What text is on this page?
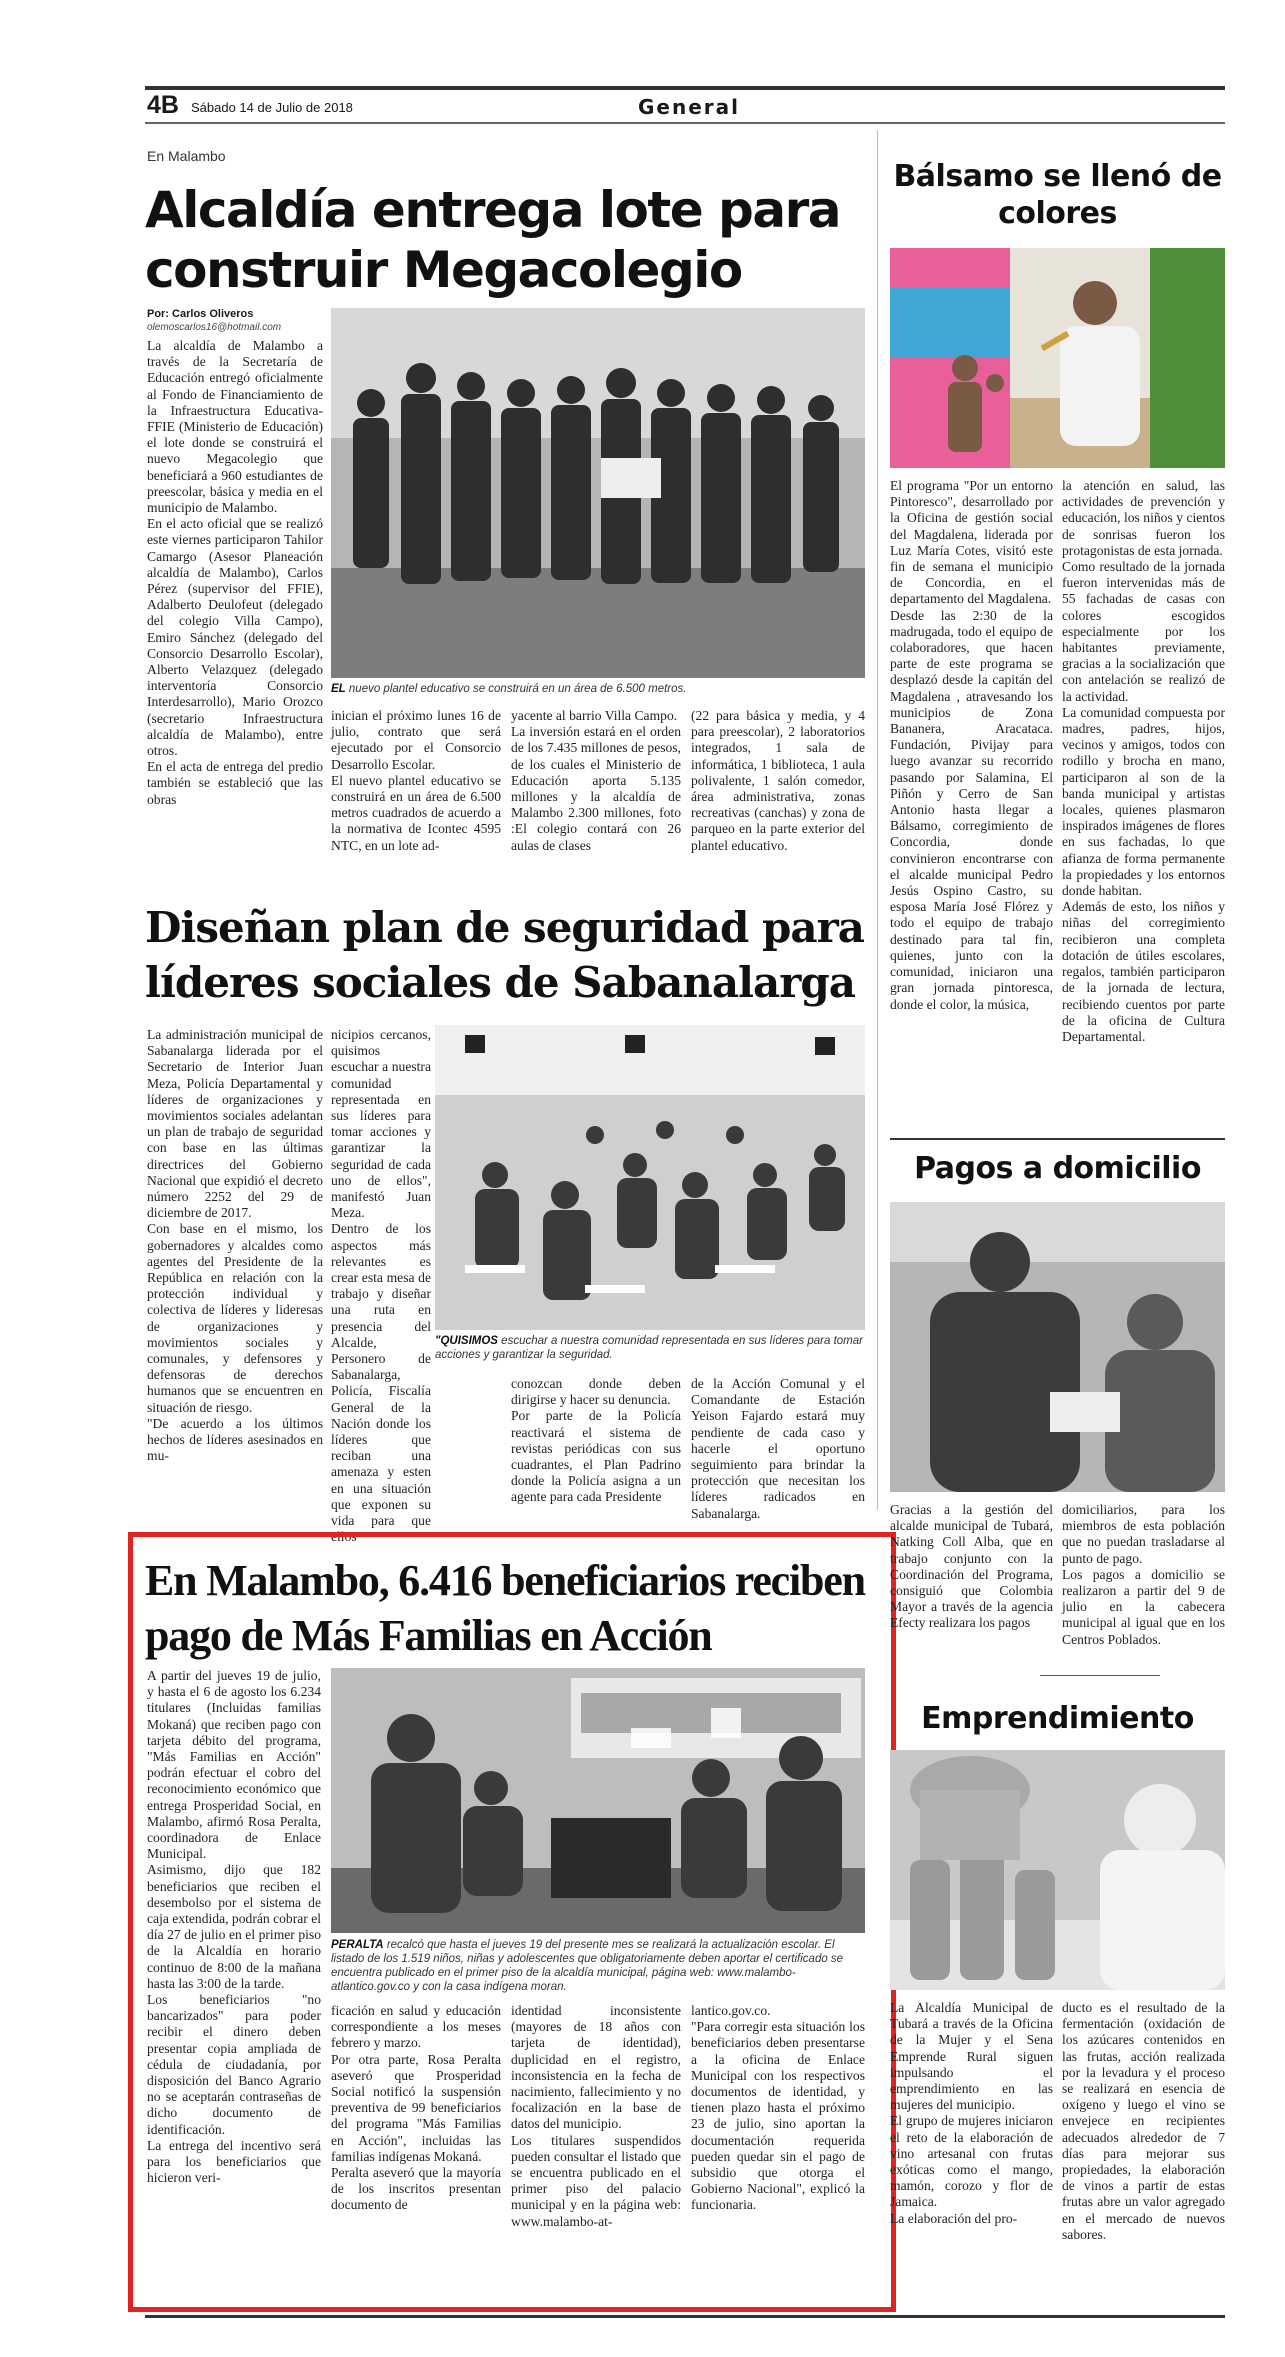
4B Sábado 14 de Julio de 2018	General
En Malambo
Alcaldía entrega lote para construir Megacolegio
Por: Carlos Oliveros
olemoscarlos16@hotmail.com
La alcaldía de Malambo a través de la Secretaría de Educación entregó oficialmente al Fondo de Financiamiento de la Infraestructura Educativa- FFIE (Ministerio de Educación) el lote donde se construirá el nuevo Megacolegio que beneficiará a 960 estudiantes de preescolar, básica y media en el municipio de Malambo.
En el acto oficial que se realizó este viernes participaron Tahilor Camargo (Asesor Planeación alcaldía de Malambo), Carlos Pérez (supervisor del FFIE), Adalberto Deulofeut (delegado del colegio Villa Campo), Emiro Sánchez (delegado del Consorcio Desarrollo Escolar), Alberto Velazquez (delegado interventoría Consorcio Interdesarrollo), Mario Orozco (secretario Infraestructura alcaldía de Malambo), entre otros.
En el acta de entrega del predio también se estableció que las obras
EL nuevo plantel educativo se construirá en un área de 6.500 metros.
inician el próximo lunes 16 de julio, contrato que será ejecutado por el Consorcio Desarrollo Escolar.
El nuevo plantel educativo se construirá en un área de 6.500 metros cuadrados de acuerdo a la normativa de Icontec 4595 NTC, en un lote ad-
yacente al barrio Villa Campo.
La inversión estará en el orden de los 7.435 millones de pesos, de los cuales el Ministerio de Educación aporta 5.135 millones y la alcaldía de Malambo 2.300 millones, foto :El colegio contará con 26 aulas de clases
(22 para básica y media, y 4 para preescolar), 2 laboratorios integrados, 1 sala de informática, 1 biblioteca, 1 aula polivalente, 1 salón comedor, área administrativa, zonas recreativas (canchas) y zona de parqueo en la parte exterior del plantel educativo.
Diseñan plan de seguridad para líderes sociales de Sabanalarga
La administración municipal de Sabanalarga liderada por el Secretario de Interior Juan Meza, Policía Departamental y líderes de organizaciones y movimientos sociales adelantan un plan de trabajo de seguridad con base en las últimas directrices del Gobierno Nacional que expidió el decreto número 2252 del 29 de diciembre de 2017.
Con base en el mismo, los gobernadores y alcaldes como agentes del Presidente de la República en relación con la protección individual y colectiva de líderes y lideresas de organizaciones y movimientos sociales y comunales, y defensores y defensoras de derechos humanos que se encuentren en situación de riesgo.
"De acuerdo a los últimos hechos de líderes asesinados en mu-
nicipios cercanos, quisimos escuchar a nuestra comunidad representada en sus líderes para tomar acciones y garantizar la seguridad de cada uno de ellos", manifestó Juan Meza.
Dentro de los aspectos más relevantes es crear esta mesa de trabajo y diseñar una ruta en presencia del Alcalde, Personero de Sabanalarga, Policía, Fiscalía General de la Nación donde los líderes que reciban una amenaza y esten en una situación que exponen su vida para que ellos
"QUISIMOS escuchar a nuestra comunidad representada en sus líderes para tomar acciones y garantizar la seguridad.
conozcan donde deben dirigirse y hacer su denuncia.
Por parte de la Policía reactivará el sistema de revistas periódicas con sus cuadrantes, el Plan Padrino donde la Policía asigna a un agente para cada Presidente
de la Acción Comunal y el Comandante de Estación Yeison Fajardo estará muy pendiente de cada caso y hacerle el oportuno seguimiento para brindar la protección que necesitan los líderes radicados en Sabanalarga.
En Malambo, 6.416 beneficiarios reciben pago de Más Familias en Acción
A partir del jueves 19 de julio, y hasta el 6 de agosto los 6.234 titulares (Incluidas familias Mokaná) que reciben pago con tarjeta débito del programa, "Más Familias en Acción" podrán efectuar el cobro del reconocimiento económico que entrega Prosperidad Social, en Malambo, afirmó Rosa Peralta, coordinadora de Enlace Municipal.
Asimismo, dijo que 182 beneficiarios que reciben el desembolso por el sistema de caja extendida, podrán cobrar el día 27 de julio en el primer piso de la Alcaldía en horario continuo de 8:00 de la mañana hasta las 3:00 de la tarde.
Los beneficiarios "no bancarizados" para poder recibir el dinero deben presentar copia ampliada de cédula de ciudadanía, por disposición del Banco Agrario no se aceptarán contraseñas de dicho documento de identificación.
La entrega del incentivo será para los beneficiarios que hicieron veri-
PERALTA recalcó que hasta el jueves 19 del presente mes se realizará la actualización escolar. El listado de los 1.519 niños, niñas y adolescentes que obligatoriamente deben aportar el certificado se encuentra publicado en el primer piso de la alcaldía municipal, página web: www.malambo-atlantico.gov.co y con la casa indígena moran.
ficación en salud y educación correspondiente a los meses febrero y marzo.
Por otra parte, Rosa Peralta aseveró que Prosperidad Social notificó la suspensión preventiva de 99 beneficiarios del programa "Más Familias en Acción", incluidas las familias indígenas Mokaná.
Peralta aseveró que la mayoría de los inscritos presentan documento de
identidad inconsistente (mayores de 18 años con tarjeta de identidad), duplicidad en el registro, inconsistencia en la fecha de nacimiento, fallecimiento y no focalización en la base de datos del municipio.
Los titulares suspendidos pueden consultar el listado que se encuentra publicado en el primer piso del palacio municipal y en la página web: www.malambo-at-
lantico.gov.co.
"Para corregir esta situación los beneficiarios deben presentarse a la oficina de Enlace Municipal con los respectivos documentos de identidad, y tienen plazo hasta el próximo 23 de julio, sino aportan la documentación requerida pueden quedar sin el pago de subsidio que otorga el Gobierno Nacional", explicó la funcionaria.
Bálsamo se llenó de colores
El programa "Por un entorno Pintoresco", desarrollado por la Oficina de gestión social del Magdalena, liderada por Luz María Cotes, visitó este fin de semana el municipio de Concordia, en el departamento del Magdalena.
Desde las 2:30 de la madrugada, todo el equipo de colaboradores, que hacen parte de este programa se desplazó desde la capitán del Magdalena , atravesando los municipios de Zona Bananera, Aracataca. Fundación, Pivijay para luego avanzar su recorrido pasando por Salamina, El Piñón y Cerro de San Antonio hasta llegar a Bálsamo, corregimiento de Concordia, donde convinieron encontrarse con el alcalde municipal Pedro Jesús Ospino Castro, su esposa María José Flórez y todo el equipo de trabajo destinado para tal fin, quienes, junto con la comunidad, iniciaron una gran jornada pintoresca, donde el color, la música,
la atención en salud, las actividades de prevención y educación, los niños y cientos de sonrisas fueron los protagonistas de esta jornada.
Como resultado de la jornada fueron intervenidas más de 55 fachadas de casas con colores escogidos especialmente por los habitantes previamente, gracias a la socialización que con antelación se realizó de la actividad.
La comunidad compuesta por madres, padres, hijos, vecinos y amigos, todos con rodillo y brocha en mano, participaron al son de la banda municipal y artistas locales, quienes plasmaron inspirados imágenes de flores en sus fachadas, lo que afianza de forma permanente la propiedades y los entornos donde habitan.
Además de esto, los niños y niñas del corregimiento recibieron una completa dotación de útiles escolares, regalos, también participaron de la jornada de lectura, recibiendo cuentos por parte de la oficina de Cultura Departamental.
Pagos a domicilio
Gracias a la gestión del alcalde municipal de Tubará, Natking Coll Alba, que en trabajo conjunto con la Coordinación del Programa, consiguió que Colombia Mayor a través de la agencia Efecty realizara los pagos
domiciliarios, para los miembros de esta población que no puedan trasladarse al punto de pago.
Los pagos a domicilio se realizaron a partir del 9 de julio en la cabecera municipal al igual que en los Centros Poblados.
Emprendimiento
La Alcaldía Municipal de Tubará a través de la Oficina de la Mujer y el Sena Emprende Rural siguen impulsando el emprendimiento en las mujeres del municipio.
El grupo de mujeres iniciaron el reto de la elaboración de vino artesanal con frutas exóticas como el mango, mamón, corozo y flor de Jamaica.
La elaboración del pro-
ducto es el resultado de la fermentación (oxidación de los azúcares contenidos en las frutas, acción realizada por la levadura y el proceso se realizará en esencia de oxígeno y luego el vino se envejece en recipientes adecuados alrededor de 7 días para mejorar sus propiedades, la elaboración de vinos a partir de estas frutas abre un valor agregado en el mercado de nuevos sabores.
